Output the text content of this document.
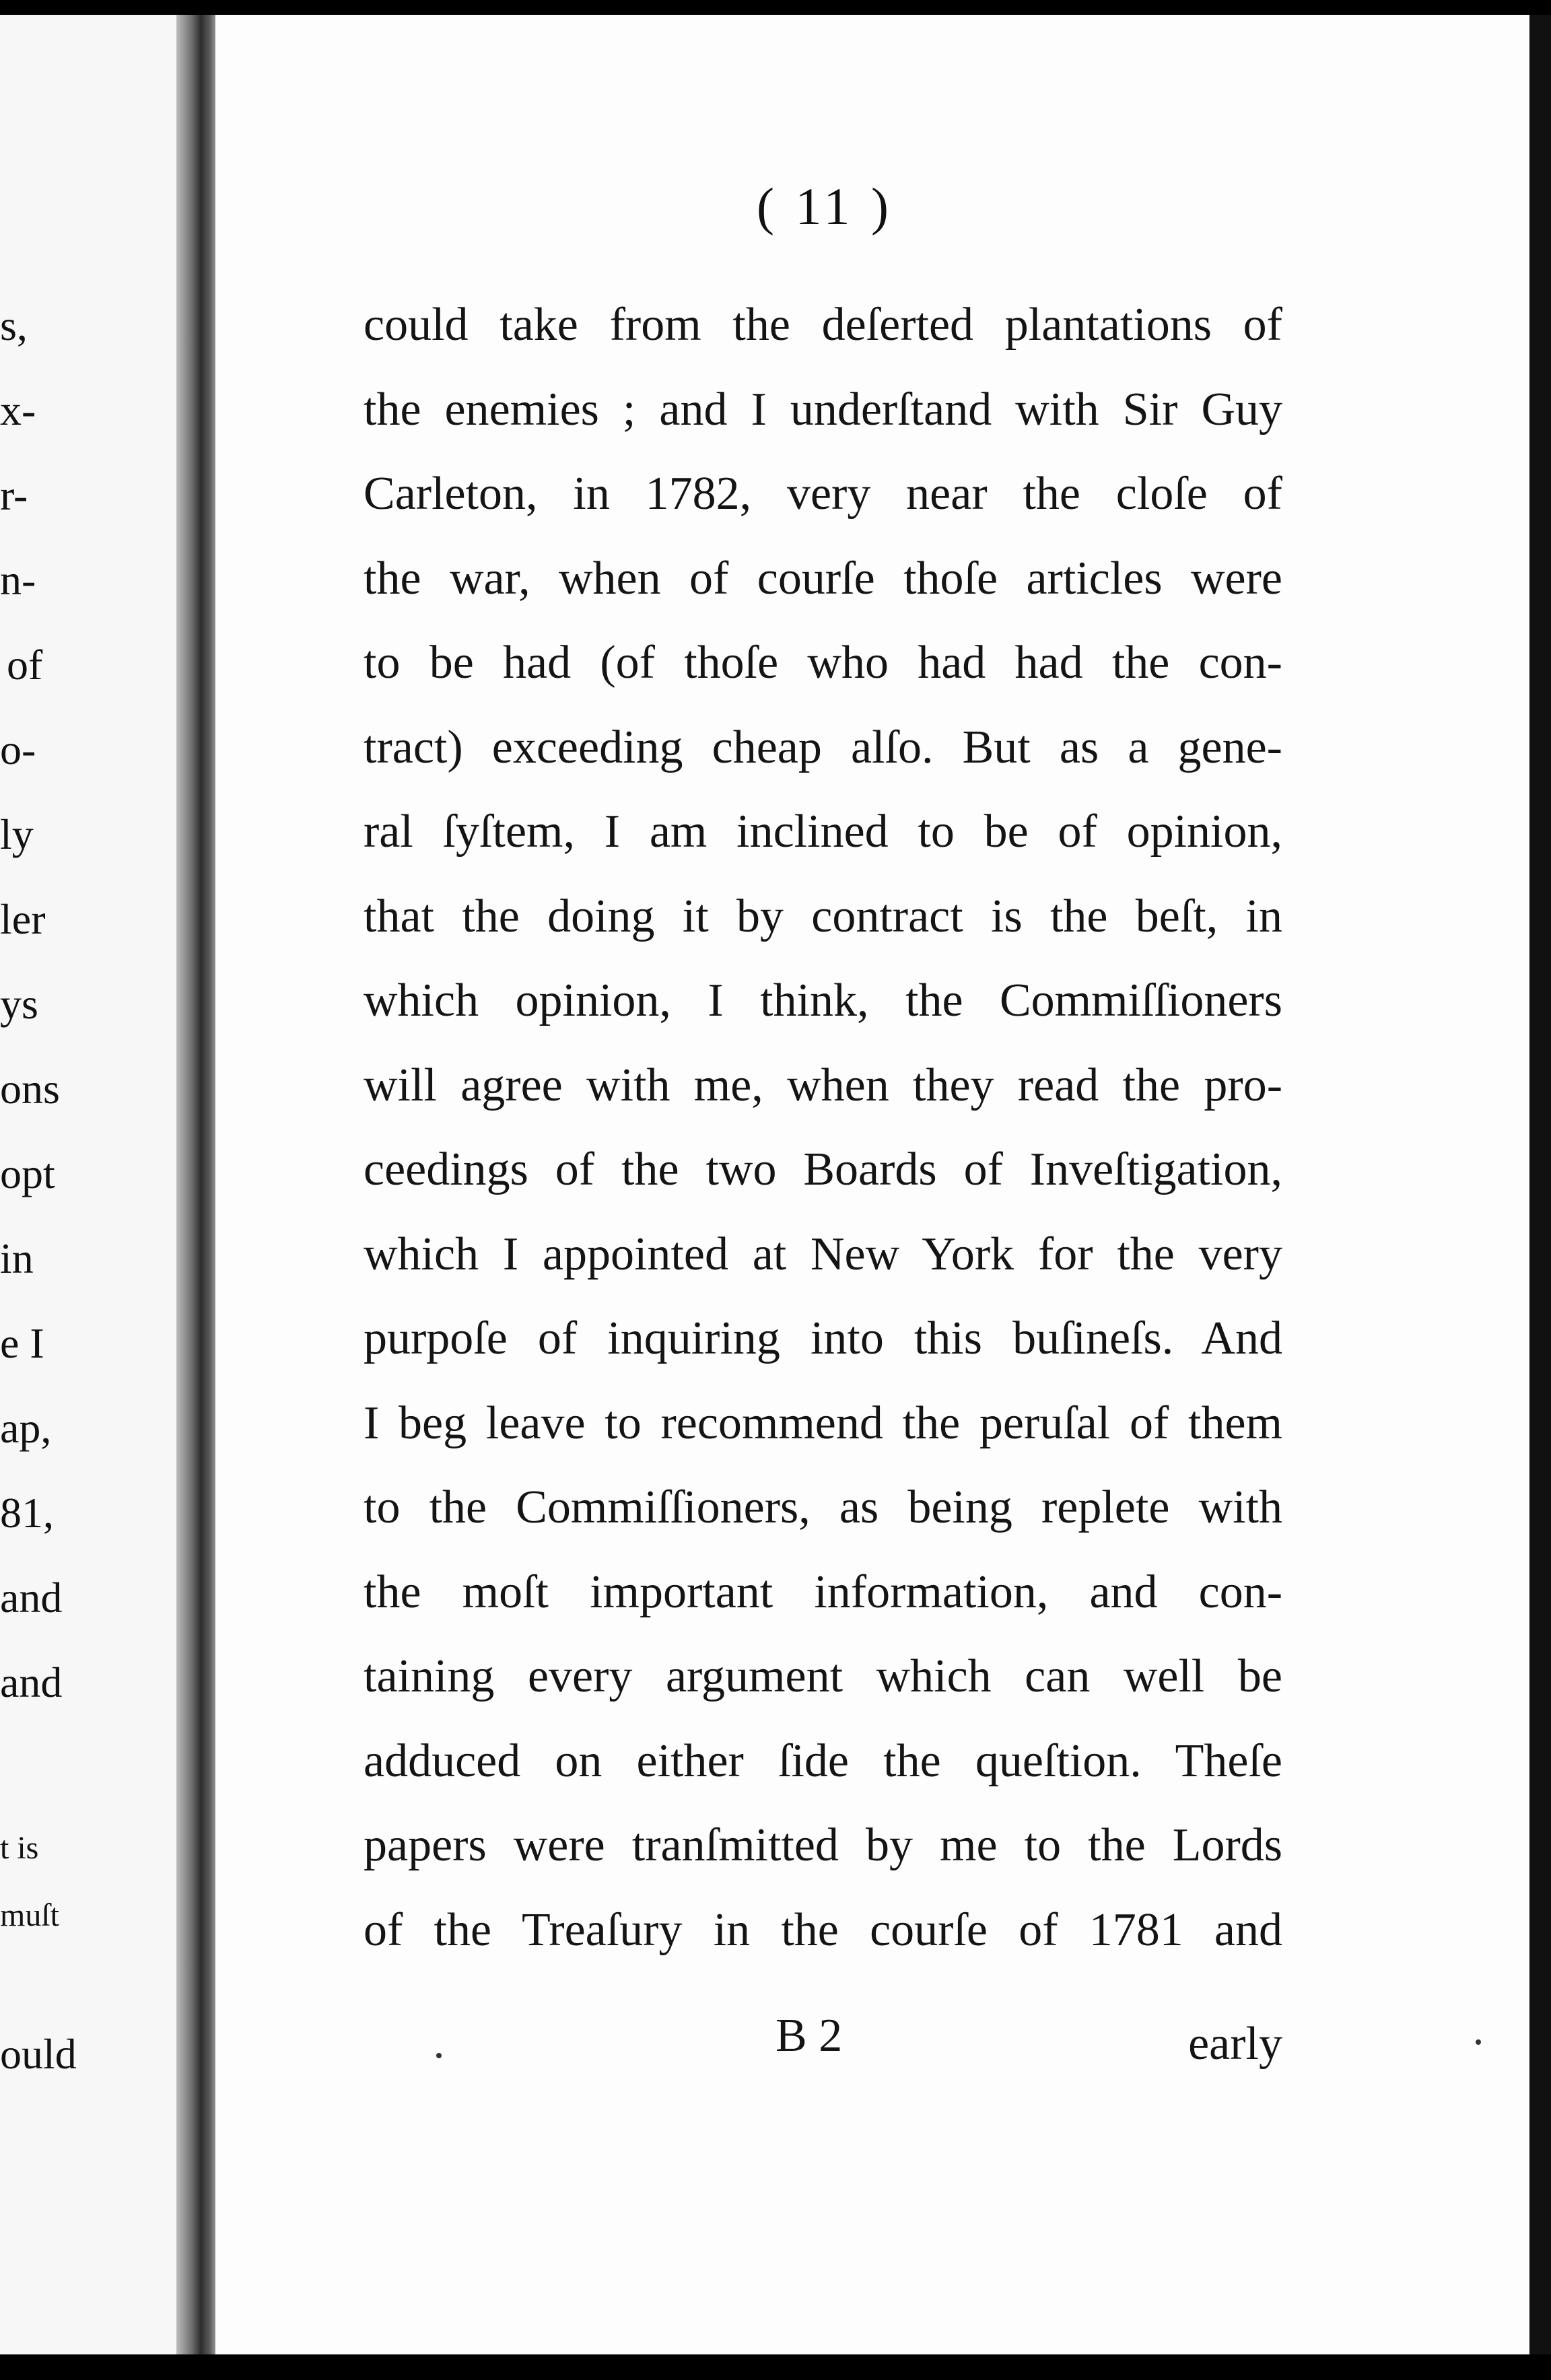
s,
x-
r-
n-
of
o-
ly
ler
ys
ons
opt
in
e I
ap,
81,
and
and
t is
muſt
ould
( 11 )
could take from the deſerted plantations of
the enemies ; and I underſtand with Sir Guy
Carleton, in 1782, very near the cloſe of
the war, when of courſe thoſe articles were
to be had (of thoſe who had had the con-
tract) exceeding cheap alſo. But as a gene-
ral ſyſtem, I am inclined to be of opinion,
that the doing it by contract is the beſt, in
which opinion, I think, the Commiſſioners
will agree with me, when they read the pro-
ceedings of the two Boards of Inveſtigation,
which I appointed at New York for the very
purpoſe of inquiring into this buſineſs. And
I beg leave to recommend the peruſal of them
to the Commiſſioners, as being replete with
the moſt important information, and con-
taining every argument which can well be
adduced on either ſide the queſtion. Theſe
papers were tranſmitted by me to the Lords
of the Treaſury in the courſe of 1781 and
B 2	early
